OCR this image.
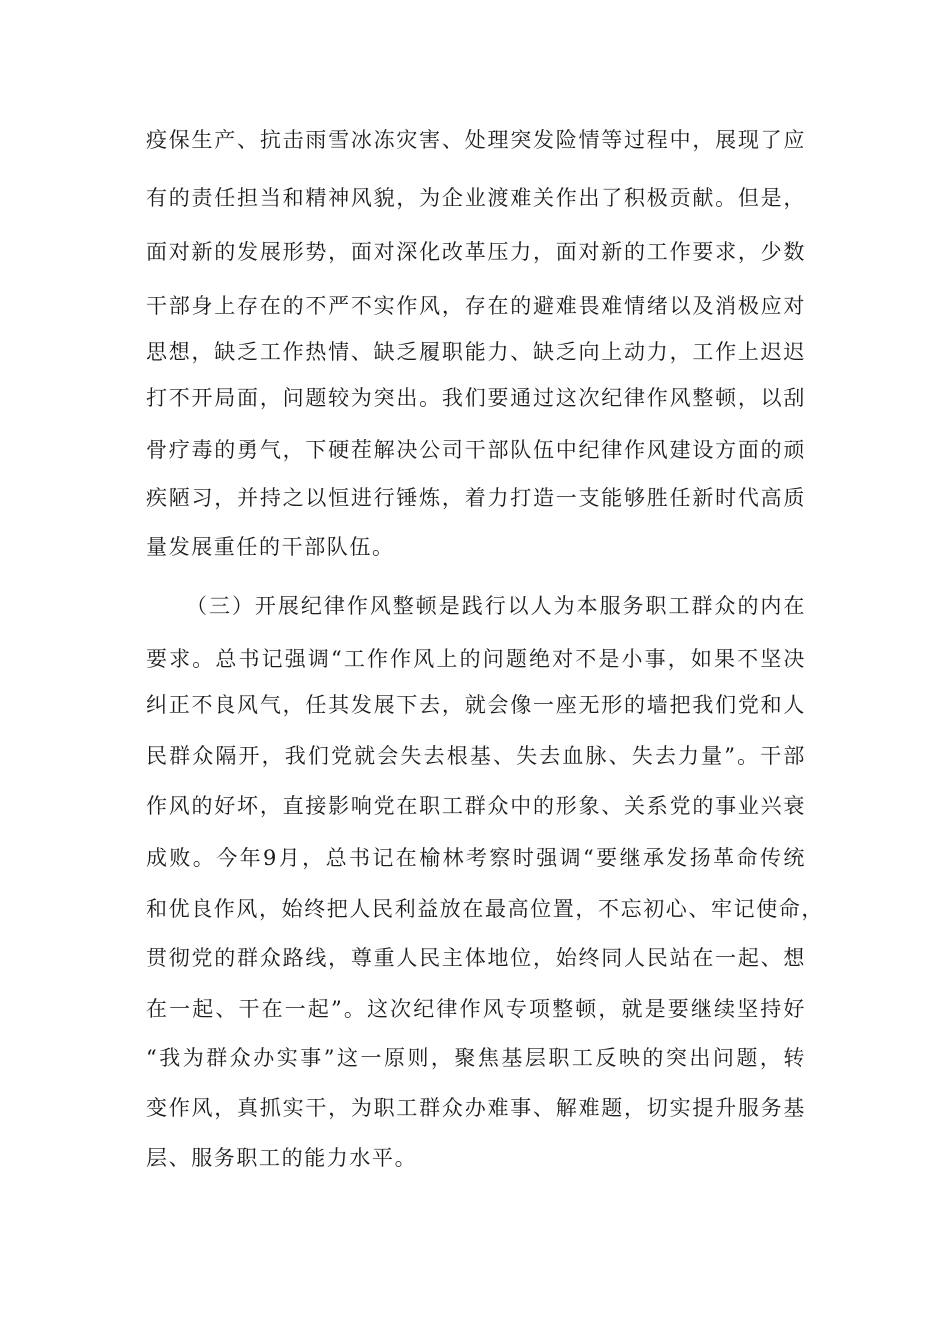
疫保生产、抗击雨雪冰冻灾害、处理突发险情等过程中，展现了应
有的责任担当和精神风貌，为企业渡难关作出了积极贡献。但是，
面对新的发展形势，面对深化改革压力，面对新的工作要求，少数
干部身上存在的不严不实作风，存在的避难畏难情绪以及消极应对
思想，缺乏工作热情、缺乏履职能力、缺乏向上动力，工作上迟迟
打不开局面，问题较为突出。我们要通过这次纪律作风整顿，以刮
骨疗毒的勇气，下硬茬解决公司干部队伍中纪律作风建设方面的顽
疾陋习，并持之以恒进行锤炼，着力打造一支能够胜任新时代高质
量发展重任的干部队伍。
（三）开展纪律作风整顿是践行以人为本服务职工群众的内在
要求。总书记强调“工作作风上的问题绝对不是小事，如果不坚决
纠正不良风气，任其发展下去，就会像一座无形的墙把我们党和人
民群众隔开，我们党就会失去根基、失去血脉、失去力量”。干部
作风的好坏，直接影响党在职工群众中的形象、关系党的事业兴衰
成败。今年9月，总书记在榆林考察时强调“要继承发扬革命传统
和优良作风，始终把人民利益放在最高位置，不忘初心、牢记使命，
贯彻党的群众路线，尊重人民主体地位，始终同人民站在一起、想
在一起、干在一起”。这次纪律作风专项整顿，就是要继续坚持好
“我为群众办实事”这一原则，聚焦基层职工反映的突出问题，转
变作风，真抓实干，为职工群众办难事、解难题，切实提升服务基
层、服务职工的能力水平。
